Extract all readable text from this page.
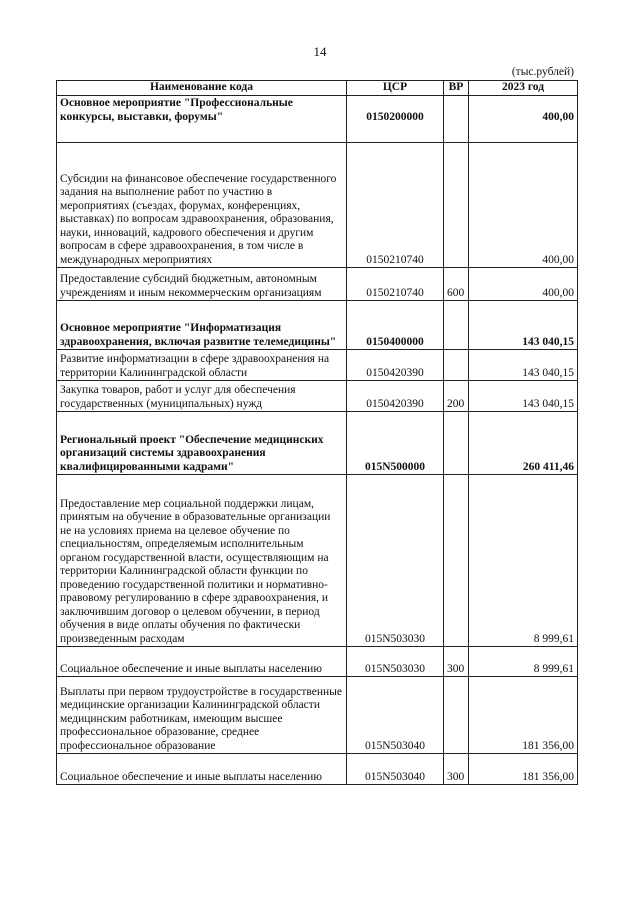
14
(тыс.рублей)
Наименование кода	ЦСР	ВР	2023 год
Основное мероприятие "Профессиональные конкурсы, выставки, форумы"	0150200000		400,00
Субсидии на финансовое обеспечение государственного задания на выполнение работ по участию в мероприятиях (съездах, форумах, конференциях, выставках) по вопросам здравоохранения, образования, науки, инноваций, кадрового обеспечения и другим вопросам в сфере здравоохранения, в том числе в международных мероприятиях	0150210740		400,00
Предоставление субсидий бюджетным, автономным учреждениям и иным некоммерческим организациям	0150210740	600	400,00
Основное мероприятие "Информатизация здравоохранения, включая развитие телемедицины"	0150400000		143 040,15
Развитие информатизации в сфере здравоохранения на территории Калининградской области	0150420390		143 040,15
Закупка товаров, работ и услуг для обеспечения государственных (муниципальных) нужд	0150420390	200	143 040,15
Региональный проект "Обеспечение медицинских организаций системы здравоохранения квалифицированными кадрами"	015N500000		260 411,46
Предоставление мер социальной поддержки лицам, принятым на обучение в образовательные организации не на условиях приема на целевое обучение по специальностям, определяемым исполнительным органом государственной власти, осуществляющим на территории Калининградской области функции по проведению государственной политики и нормативно-правовому регулированию в сфере здравоохранения, и заключившим договор о целевом обучении, в период обучения в виде оплаты обучения по фактически произведенным расходам	015N503030		8 999,61
Социальное обеспечение и иные выплаты населению	015N503030	300	8 999,61
Выплаты при первом трудоустройстве в государственные медицинские организации Калининградской области медицинским работникам, имеющим высшее профессиональное образование, среднее профессиональное образование	015N503040		181 356,00
Социальное обеспечение и иные выплаты населению	015N503040	300	181 356,00
